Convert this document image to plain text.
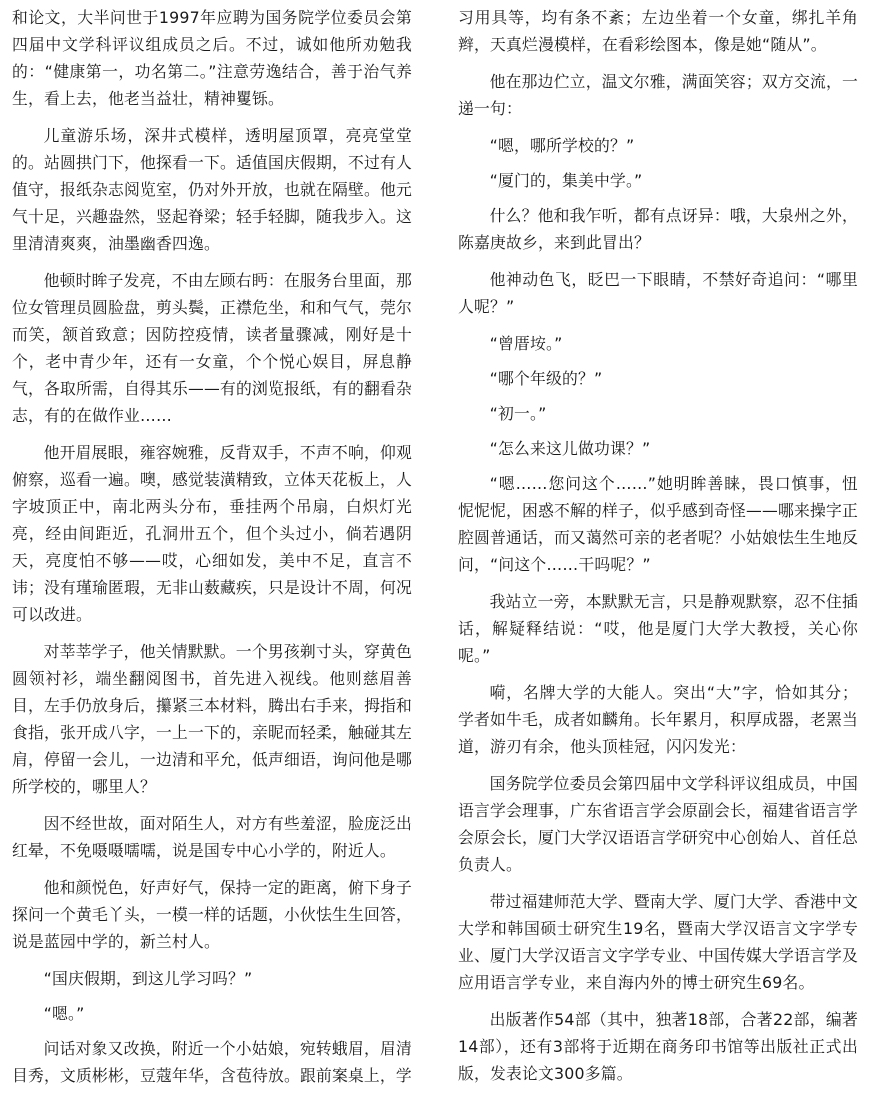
和论文，大半问世于1997年应聘为国务院学位委员会第四届中文学科评议组成员之后。不过，诚如他所劝勉我的：“健康第一，功名第二。”注意劳逸结合，善于治气养生，看上去，他老当益壮，精神矍铄。

儿童游乐场，深井式模样，透明屋顶罩，亮亮堂堂的。站圆拱门下，他探看一下。适值国庆假期，不过有人值守，报纸杂志阅览室，仍对外开放，也就在隔壁。他元气十足，兴趣盎然，竖起脊梁；轻手轻脚，随我步入。这里清清爽爽，油墨幽香四逸。

他顿时眸子发亮，不由左顾右眄：在服务台里面，那位女管理员圆脸盘，剪头鬓，正襟危坐，和和气气，莞尔而笑，颔首致意；因防控疫情，读者量骤减，刚好是十个，老中青少年，还有一女童，个个悦心娱目，屏息静气，各取所需，自得其乐——有的浏览报纸，有的翻看杂志，有的在做作业……

他开眉展眼，雍容婉雅，反背双手，不声不响，仰观俯察，巡看一遍。噢，感觉装潢精致，立体天花板上，人字坡顶正中，南北两头分布，垂挂两个吊扇，白炽灯光亮，经由间距近，孔洞卅五个，但个头过小，倘若遇阴天，亮度怕不够——哎，心细如发，美中不足，直言不讳；没有瑾瑜匿瑕，无非山薮藏疾，只是设计不周，何况可以改进。

对莘莘学子，他关情默默。一个男孩剃寸头，穿黄色圆领衬衫，端坐翻阅图书，首先进入视线。他则慈眉善目，左手仍放身后，攥紧三本材料，腾出右手来，拇指和食指，张开成八字，一上一下的，亲昵而轻柔，触碰其左肩，停留一会儿，一边清和平允，低声细语，询问他是哪所学校的，哪里人？

因不经世故，面对陌生人，对方有些羞涩，脸庞泛出红晕，不免嗫嗫嚅嚅，说是国专中心小学的，附近人。

他和颜悦色，好声好气，保持一定的距离，俯下身子探问一个黄毛丫头，一模一样的话题，小伙怯生生回答，说是蓝园中学的，新兰村人。

“国庆假期，到这儿学习吗？”

“嗯。”

问话对象又改换，附近一个小姑娘，宛转蛾眉，眉清目秀，文质彬彬，豆蔻年华，含苞待放。跟前案桌上，学

习用具等，均有条不紊；左边坐着一个女童，绑扎羊角辫，天真烂漫模样，在看彩绘图本，像是她“随从”。

他在那边伫立，温文尔雅，满面笑容；双方交流，一递一句：

“嗯，哪所学校的？”

“厦门的，集美中学。”

什么？他和我乍听，都有点讶异：哦，大泉州之外，陈嘉庚故乡，来到此冒出？

他神动色飞，眨巴一下眼睛，不禁好奇追问：“哪里人呢？”

“曾厝垵。”

“哪个年级的？”

“初一。”

“怎么来这儿做功课？”

“嗯……您问这个……”她明眸善睐，畏口慎事，忸怩怩怩，困惑不解的样子，似乎感到奇怪——哪来操字正腔圆普通话，而又蔼然可亲的老者呢？小姑娘怯生生地反问，“问这个……干吗呢？”

我站立一旁，本默默无言，只是静观默察，忍不住插话，解疑释结说：“哎，他是厦门大学大教授，关心你呢。”

嗬，名牌大学的大能人。突出“大”字，恰如其分；学者如牛毛，成者如麟角。长年累月，积厚成器，老罴当道，游刃有余，他头顶桂冠，闪闪发光：

国务院学位委员会第四届中文学科评议组成员，中国语言学会理事，广东省语言学会原副会长，福建省语言学会原会长，厦门大学汉语语言学研究中心创始人、首任总负责人。

带过福建师范大学、暨南大学、厦门大学、香港中文大学和韩国硕士研究生19名，暨南大学汉语言文字学专业、厦门大学汉语言文字学专业、中国传媒大学语言学及应用语言学专业，来自海内外的博士研究生69名。

出版著作54部（其中，独著18部，合著22部，编著14部），还有3部将于近期在商务印书馆等出版社正式出版，发表论文300多篇。
